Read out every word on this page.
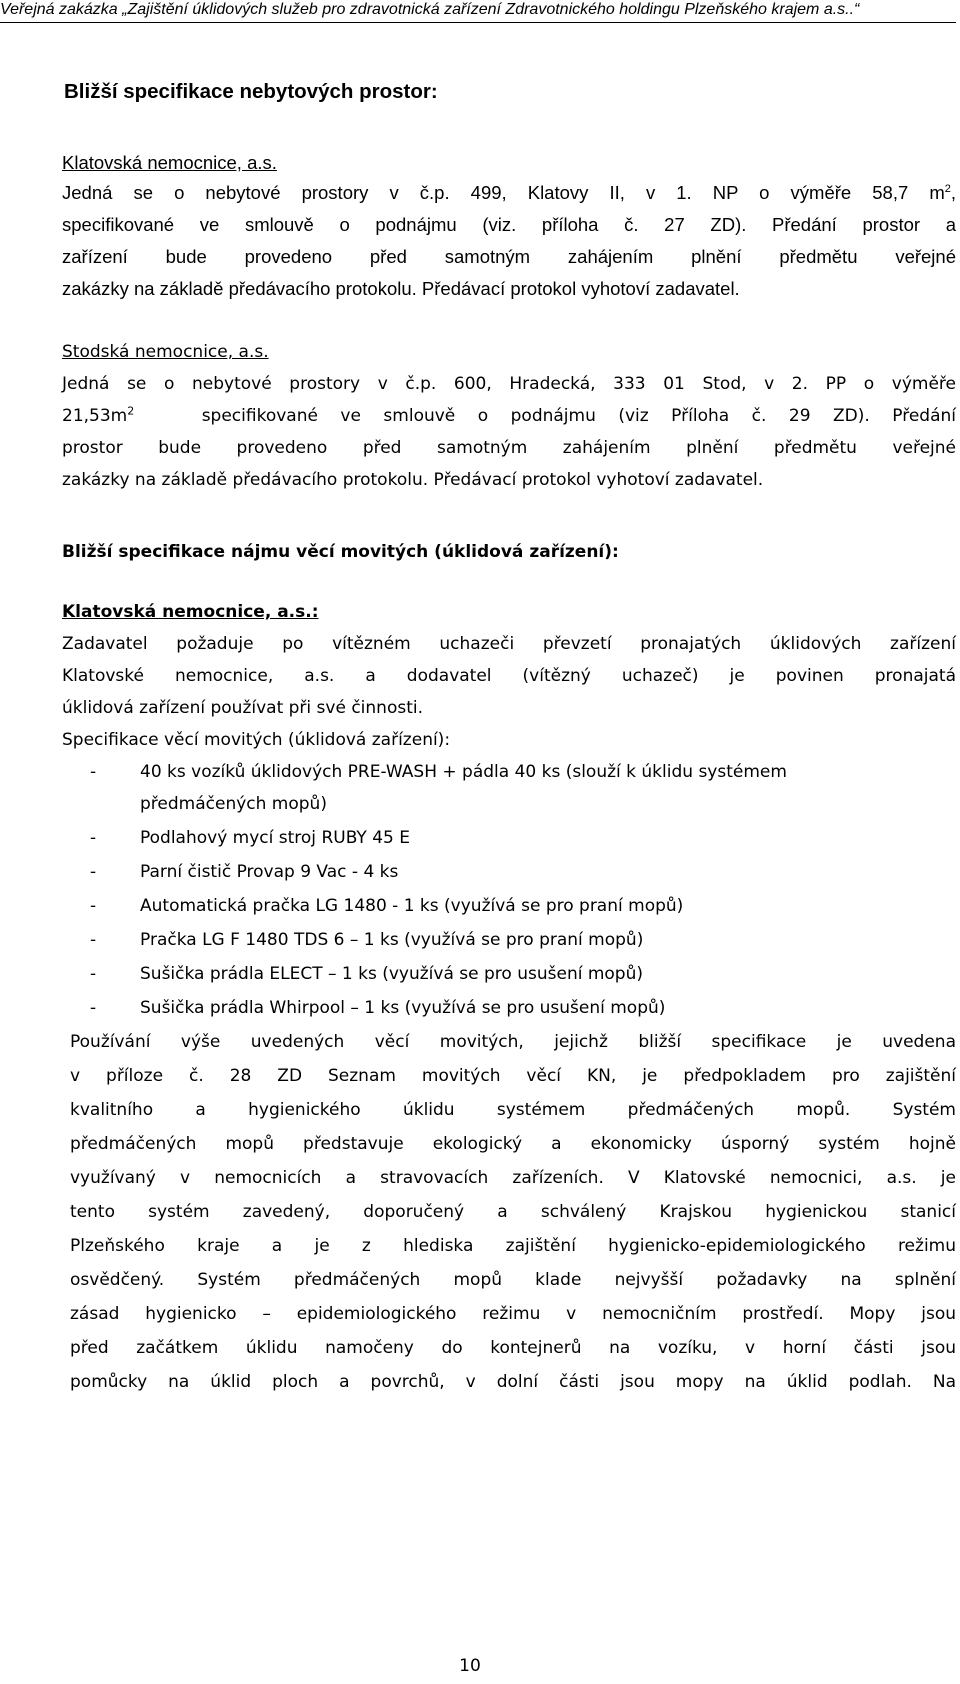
Veřejná zakázka „Zajištění úklidových služeb pro zdravotnická zařízení Zdravotnického holdingu Plzeňského krajem a.s..“
Bližší specifikace nebytových prostor:
Klatovská nemocnice, a.s.
Jedná se o nebytové prostory v č.p. 499, Klatovy II, v 1. NP o výměře 58,7 $m^2$,
specifikované ve smlouvě o podnájmu (viz. příloha č. 27 ZD). Předání prostor a
zařízení bude provedeno před samotným zahájením plnění předmětu veřejné
zakázky na základě předávacího protokolu. Předávací protokol vyhotoví zadavatel.
Stodská nemocnice, a.s.
Jedná se o nebytové prostory v č.p. 600, Hradecká, 333 01 Stod, v 2. PP o výměře
$21,53m^2$   specifikované ve smlouvě o podnájmu (viz Příloha č. 29 ZD). Předání
prostor bude provedeno před samotným zahájením plnění předmětu veřejné
zakázky na základě předávacího protokolu. Předávací protokol vyhotoví zadavatel.
Bližší specifikace nájmu věcí movitých (úklidová zařízení):
Klatovská nemocnice, a.s.:
Zadavatel požaduje po vítězném uchazeči převzetí pronajatých úklidových zařízení
Klatovské nemocnice, a.s. a dodavatel (vítězný uchazeč) je povinen pronajatá
úklidová zařízení používat při své činnosti.
Specifikace věcí movitých (úklidová zařízení):
-	40 ks vozíků úklidových PRE-WASH + pádla 40 ks (slouží k úklidu systémem
předmáčených mopů)
-	Podlahový mycí stroj RUBY 45 E
-	Parní čistič Provap 9 Vac - 4 ks
-	Automatická pračka LG 1480 - 1 ks (využívá se pro praní mopů)
-	Pračka LG F 1480 TDS 6 – 1 ks (využívá se pro praní mopů)
-	Sušička prádla ELECT – 1 ks (využívá se pro usušení mopů)
-	Sušička prádla Whirpool – 1 ks (využívá se pro usušení mopů)
Používání výše uvedených věcí movitých, jejichž bližší specifikace je uvedena
v příloze č. 28 ZD Seznam movitých věcí KN, je předpokladem pro zajištění
kvalitního a hygienického úklidu systémem předmáčených mopů. Systém
předmáčených mopů představuje ekologický a ekonomicky úsporný systém hojně
využívaný v nemocnicích a stravovacích zařízeních. V Klatovské nemocnici, a.s. je
tento systém zavedený, doporučený a schválený Krajskou hygienickou stanicí
Plzeňského kraje a je z hlediska zajištění hygienicko-epidemiologického režimu
osvědčený. Systém předmáčených mopů klade nejvyšší požadavky na splnění
zásad hygienicko – epidemiologického režimu v nemocničním prostředí. Mopy jsou
před začátkem úklidu namočeny do kontejnerů na vozíku, v horní části jsou
pomůcky na úklid ploch a povrchů, v dolní části jsou mopy na úklid podlah. Na
10
